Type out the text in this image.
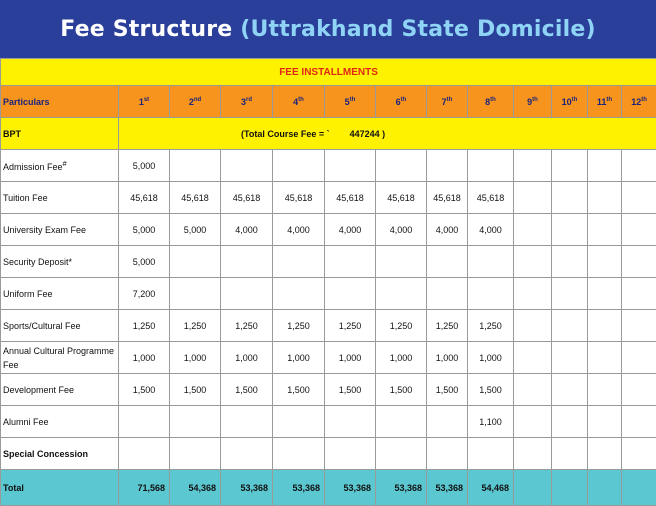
Fee Structure (Uttrakhand State Domicile)
FEE INSTALLMENTS												
Particulars	1st	2nd	3rd	4th	5th	6th	7th	8th	9th	10th	11th	12th
BPT	(Total Course Fee = ` 447244 )											
Admission Fee#	5,000											
Tuition Fee	45,618	45,618	45,618	45,618	45,618	45,618	45,618	45,618				
University Exam Fee	5,000	5,000	4,000	4,000	4,000	4,000	4,000	4,000				
Security Deposit*	5,000											
Uniform Fee	7,200											
Sports/Cultural Fee	1,250	1,250	1,250	1,250	1,250	1,250	1,250	1,250				
Annual Cultural Programme Fee	1,000	1,000	1,000	1,000	1,000	1,000	1,000	1,000				
Development Fee	1,500	1,500	1,500	1,500	1,500	1,500	1,500	1,500				
Alumni Fee								1,100				
Special Concession												
Total	71,568	54,368	53,368	53,368	53,368	53,368	53,368	54,468				
